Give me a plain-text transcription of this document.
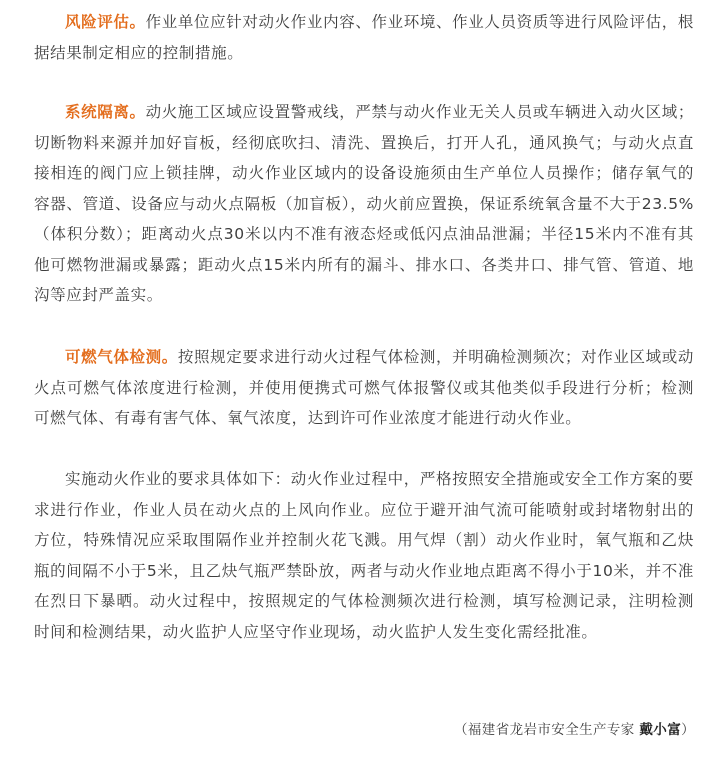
风险评估。作业单位应针对动火作业内容、作业环境、作业人员资质等进行风险评估，根据结果制定相应的控制措施。

系统隔离。动火施工区域应设置警戒线，严禁与动火作业无关人员或车辆进入动火区域；切断物料来源并加好盲板，经彻底吹扫、清洗、置换后，打开人孔，通风换气；与动火点直接相连的阀门应上锁挂牌，动火作业区域内的设备设施须由生产单位人员操作；储存氧气的容器、管道、设备应与动火点隔板（加盲板），动火前应置换，保证系统氧含量不大于23.5%（体积分数）；距离动火点30米以内不准有液态烃或低闪点油品泄漏；半径15米内不准有其他可燃物泄漏或暴露；距动火点15米内所有的漏斗、排水口、各类井口、排气管、管道、地沟等应封严盖实。

可燃气体检测。按照规定要求进行动火过程气体检测，并明确检测频次；对作业区域或动火点可燃气体浓度进行检测，并使用便携式可燃气体报警仪或其他类似手段进行分析；检测可燃气体、有毒有害气体、氧气浓度，达到许可作业浓度才能进行动火作业。

实施动火作业的要求具体如下：动火作业过程中，严格按照安全措施或安全工作方案的要求进行作业，作业人员在动火点的上风向作业。应位于避开油气流可能喷射或封堵物射出的方位，特殊情况应采取围隔作业并控制火花飞溅。用气焊（割）动火作业时，氧气瓶和乙炔瓶的间隔不小于5米，且乙炔气瓶严禁卧放，两者与动火作业地点距离不得小于10米，并不准在烈日下暴晒。动火过程中，按照规定的气体检测频次进行检测，填写检测记录，注明检测时间和检测结果，动火监护人应坚守作业现场，动火监护人发生变化需经批准。

（福建省龙岩市安全生产专家 戴小富）
